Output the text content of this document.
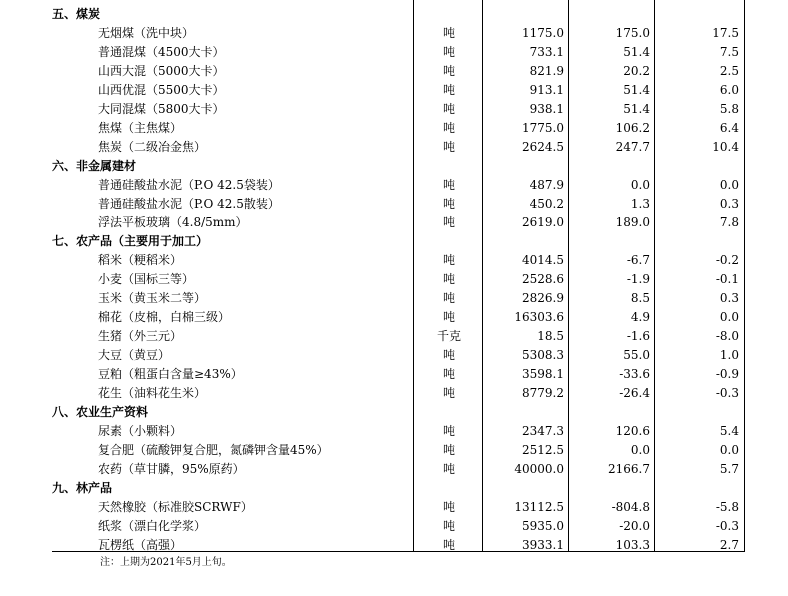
五、煤炭
无烟煤（洗中块）	吨	1175.0	175.0	17.5
普通混煤（4500大卡）	吨	733.1	51.4	7.5
山西大混（5000大卡）	吨	821.9	20.2	2.5
山西优混（5500大卡）	吨	913.1	51.4	6.0
大同混煤（5800大卡）	吨	938.1	51.4	5.8
焦煤（主焦煤）	吨	1775.0	106.2	6.4
焦炭（二级冶金焦）	吨	2624.5	247.7	10.4
六、非金属建材
普通硅酸盐水泥（P.O 42.5袋装）	吨	487.9	0.0	0.0
普通硅酸盐水泥（P.O 42.5散装）	吨	450.2	1.3	0.3
浮法平板玻璃（4.8/5mm）	吨	2619.0	189.0	7.8
七、农产品（主要用于加工）
稻米（粳稻米）	吨	4014.5	-6.7	-0.2
小麦（国标三等）	吨	2528.6	-1.9	-0.1
玉米（黄玉米二等）	吨	2826.9	8.5	0.3
棉花（皮棉，白棉三级）	吨	16303.6	4.9	0.0
生猪（外三元）	千克	18.5	-1.6	-8.0
大豆（黄豆）	吨	5308.3	55.0	1.0
豆粕（粗蛋白含量≥43%）	吨	3598.1	-33.6	-0.9
花生（油料花生米）	吨	8779.2	-26.4	-0.3
八、农业生产资料
尿素（小颗料）	吨	2347.3	120.6	5.4
复合肥（硫酸钾复合肥，氮磷钾含量45%）	吨	2512.5	0.0	0.0
农药（草甘膦，95%原药）	吨	40000.0	2166.7	5.7
九、林产品
天然橡胶（标准胶SCRWF）	吨	13112.5	-804.8	-5.8
纸浆（漂白化学浆）	吨	5935.0	-20.0	-0.3
瓦楞纸（高强）	吨	3933.1	103.3	2.7
注：上期为2021年5月上旬。
